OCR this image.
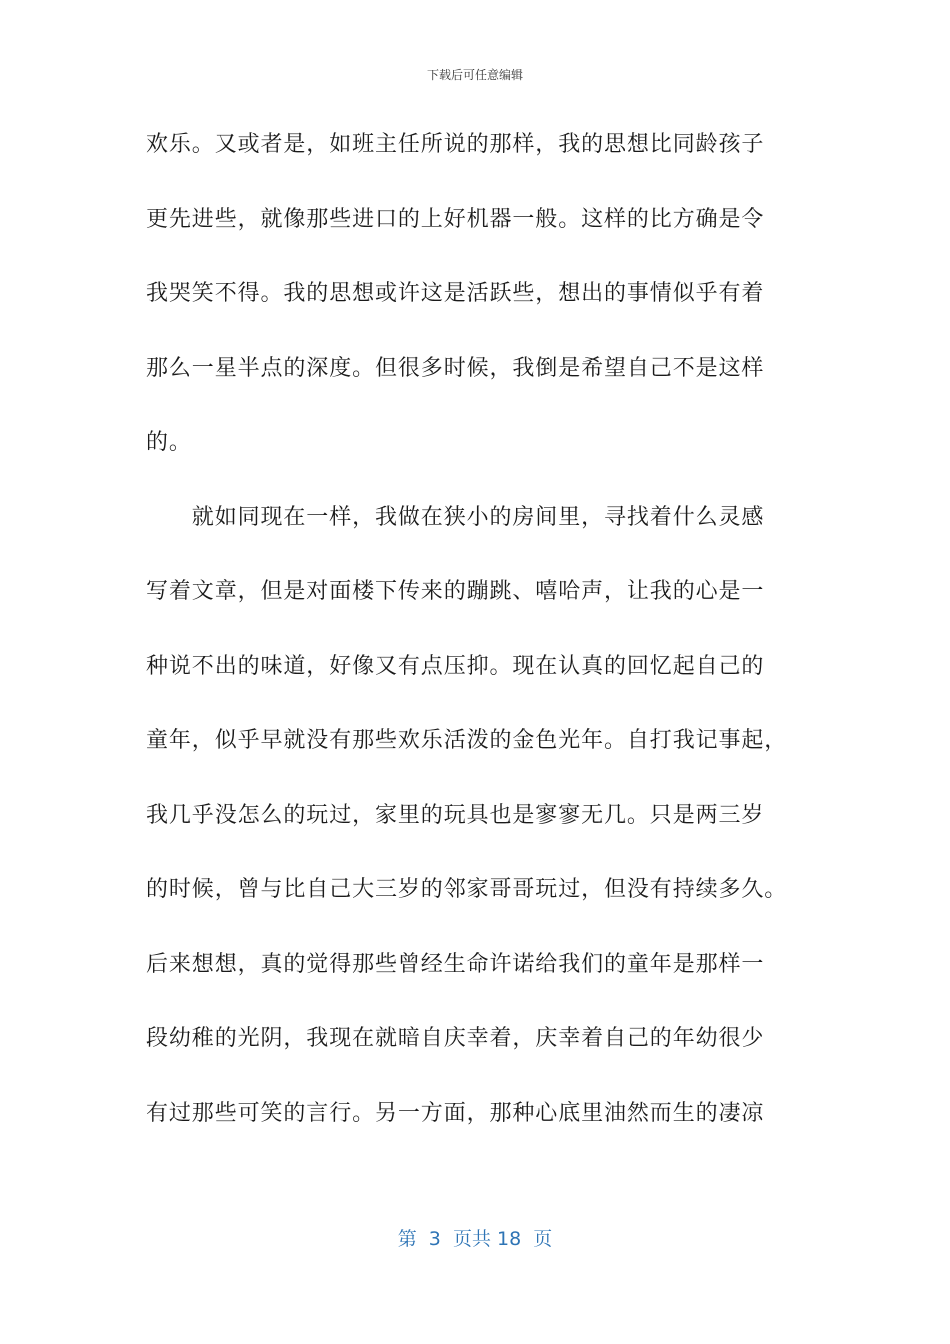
下载后可任意编辑
欢乐。又或者是，如班主任所说的那样，我的思想比同龄孩子
更先进些，就像那些进口的上好机器一般。这样的比方确是令
我哭笑不得。我的思想或许这是活跃些，想出的事情似乎有着
那么一星半点的深度。但很多时候，我倒是希望自己不是这样
的。
　　就如同现在一样，我做在狭小的房间里，寻找着什么灵感
写着文章，但是对面楼下传来的蹦跳、嘻哈声，让我的心是一
种说不出的味道，好像又有点压抑。现在认真的回忆起自己的
童年，似乎早就没有那些欢乐活泼的金色光年。自打我记事起，
我几乎没怎么的玩过，家里的玩具也是寥寥无几。只是两三岁
的时候，曾与比自己大三岁的邻家哥哥玩过，但没有持续多久。
后来想想，真的觉得那些曾经生命许诺给我们的童年是那样一
段幼稚的光阴，我现在就暗自庆幸着，庆幸着自己的年幼很少
有过那些可笑的言行。另一方面，那种心底里油然而生的凄凉
第  3  页共 18  页
